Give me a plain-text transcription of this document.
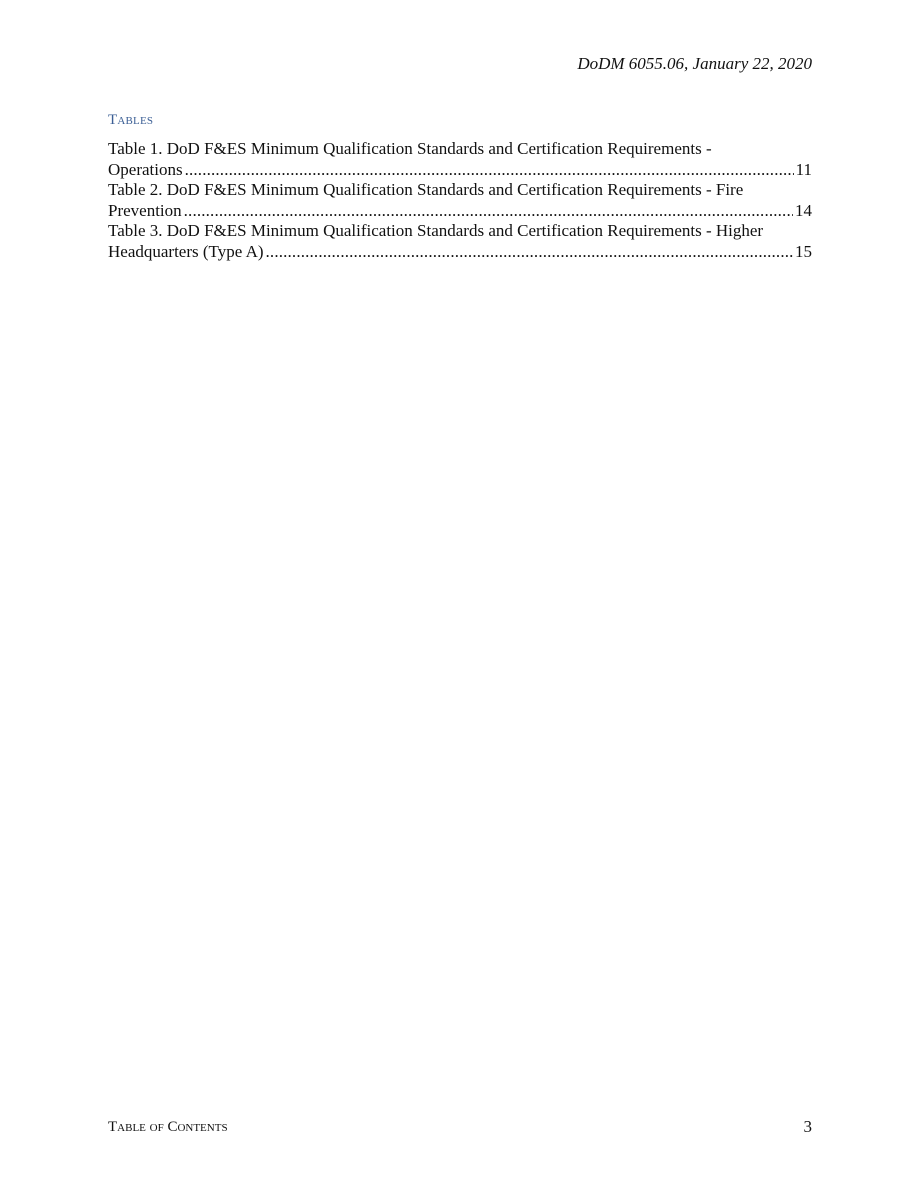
DoDM 6055.06, January 22, 2020
Tables
Table 1. DoD F&ES Minimum Qualification Standards and Certification Requirements -
Operations . . .	11
Table 2. DoD F&ES Minimum Qualification Standards and Certification Requirements - Fire
Prevention . . .	14
Table 3. DoD F&ES Minimum Qualification Standards and Certification Requirements - Higher
Headquarters (Type A) . . .	15
Table of Contents	3
